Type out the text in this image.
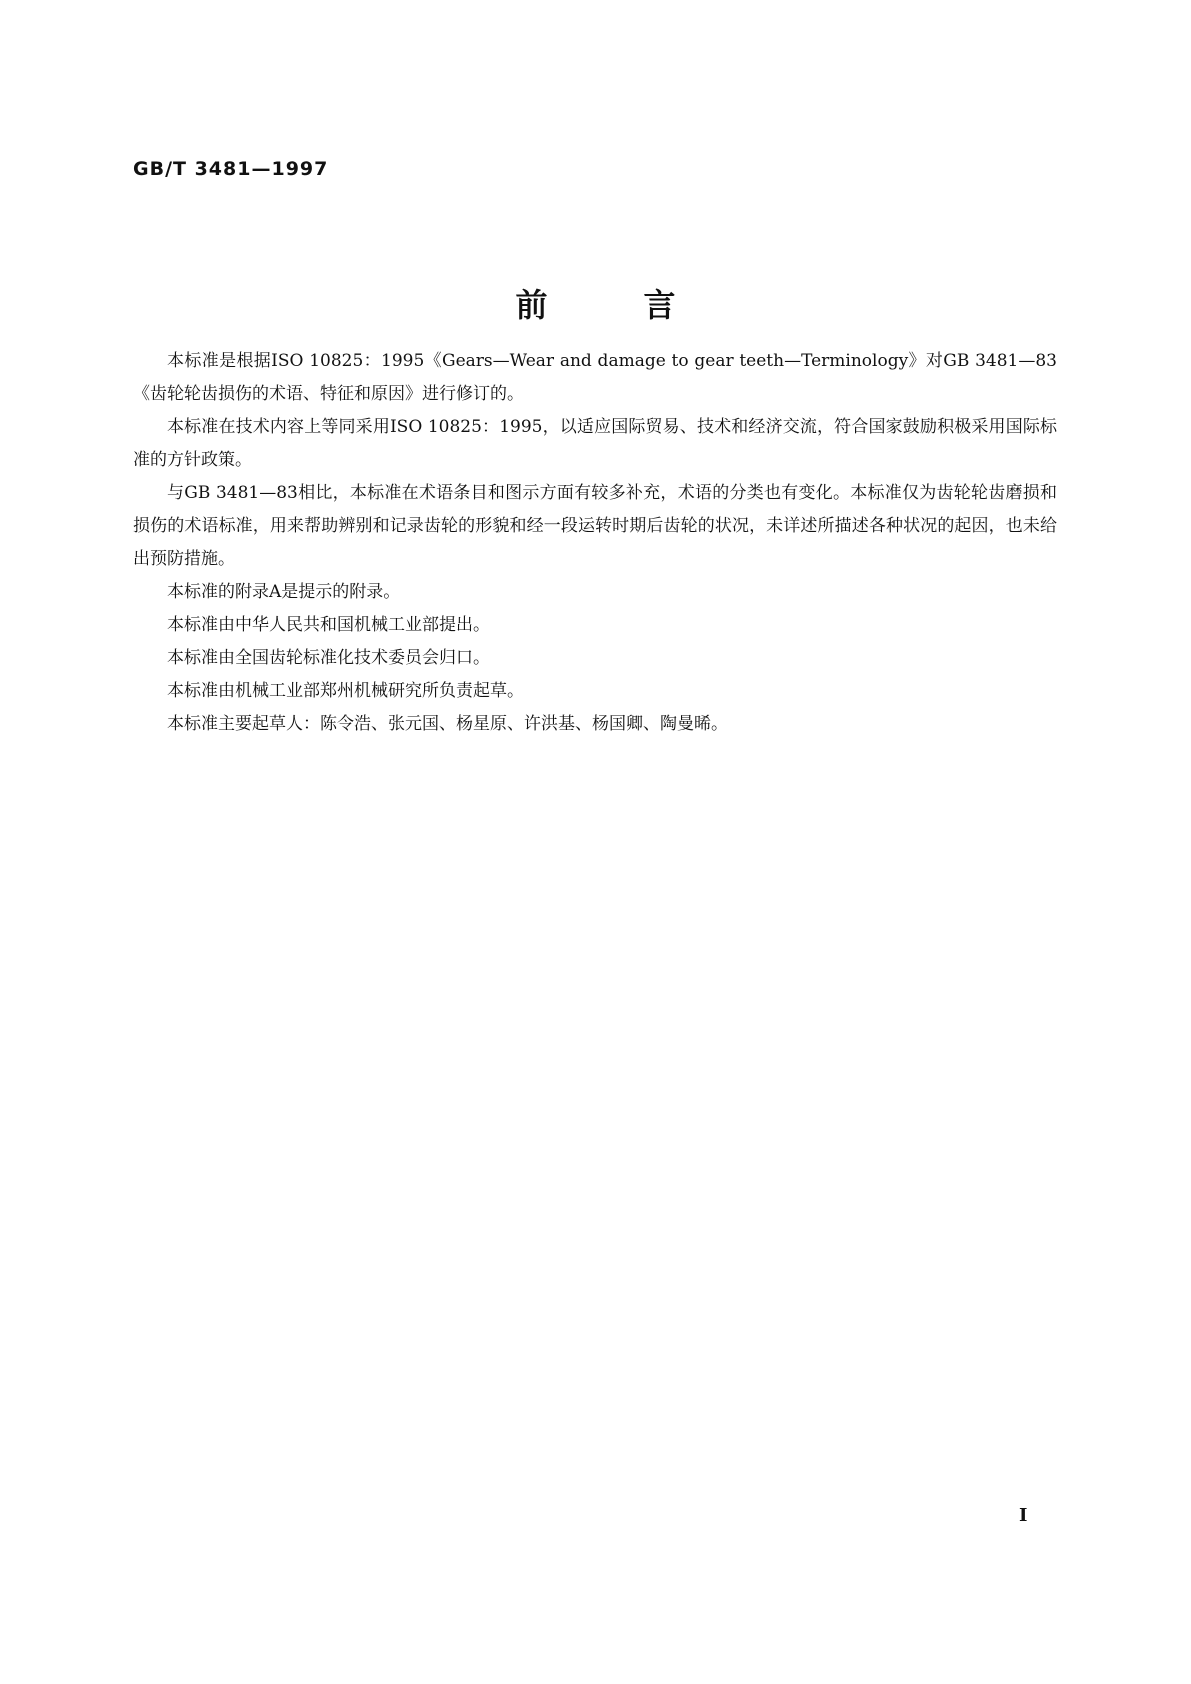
GB/T 3481—1997
前言

本标准是根据ISO 10825：1995《Gears—Wear and damage to gear teeth—Terminology》对GB 3481—83《齿轮轮齿损伤的术语、特征和原因》进行修订的。

本标准在技术内容上等同采用ISO 10825：1995，以适应国际贸易、技术和经济交流，符合国家鼓励积极采用国际标准的方针政策。

与GB 3481—83相比，本标准在术语条目和图示方面有较多补充，术语的分类也有变化。本标准仅为齿轮轮齿磨损和损伤的术语标准，用来帮助辨别和记录齿轮的形貌和经一段运转时期后齿轮的状况，未详述所描述各种状况的起因，也未给出预防措施。

本标准的附录A是提示的附录。

本标准由中华人民共和国机械工业部提出。

本标准由全国齿轮标准化技术委员会归口。

本标准由机械工业部郑州机械研究所负责起草。

本标准主要起草人：陈令浩、张元国、杨星原、许洪基、杨国卿、陶曼晞。

Ⅰ
